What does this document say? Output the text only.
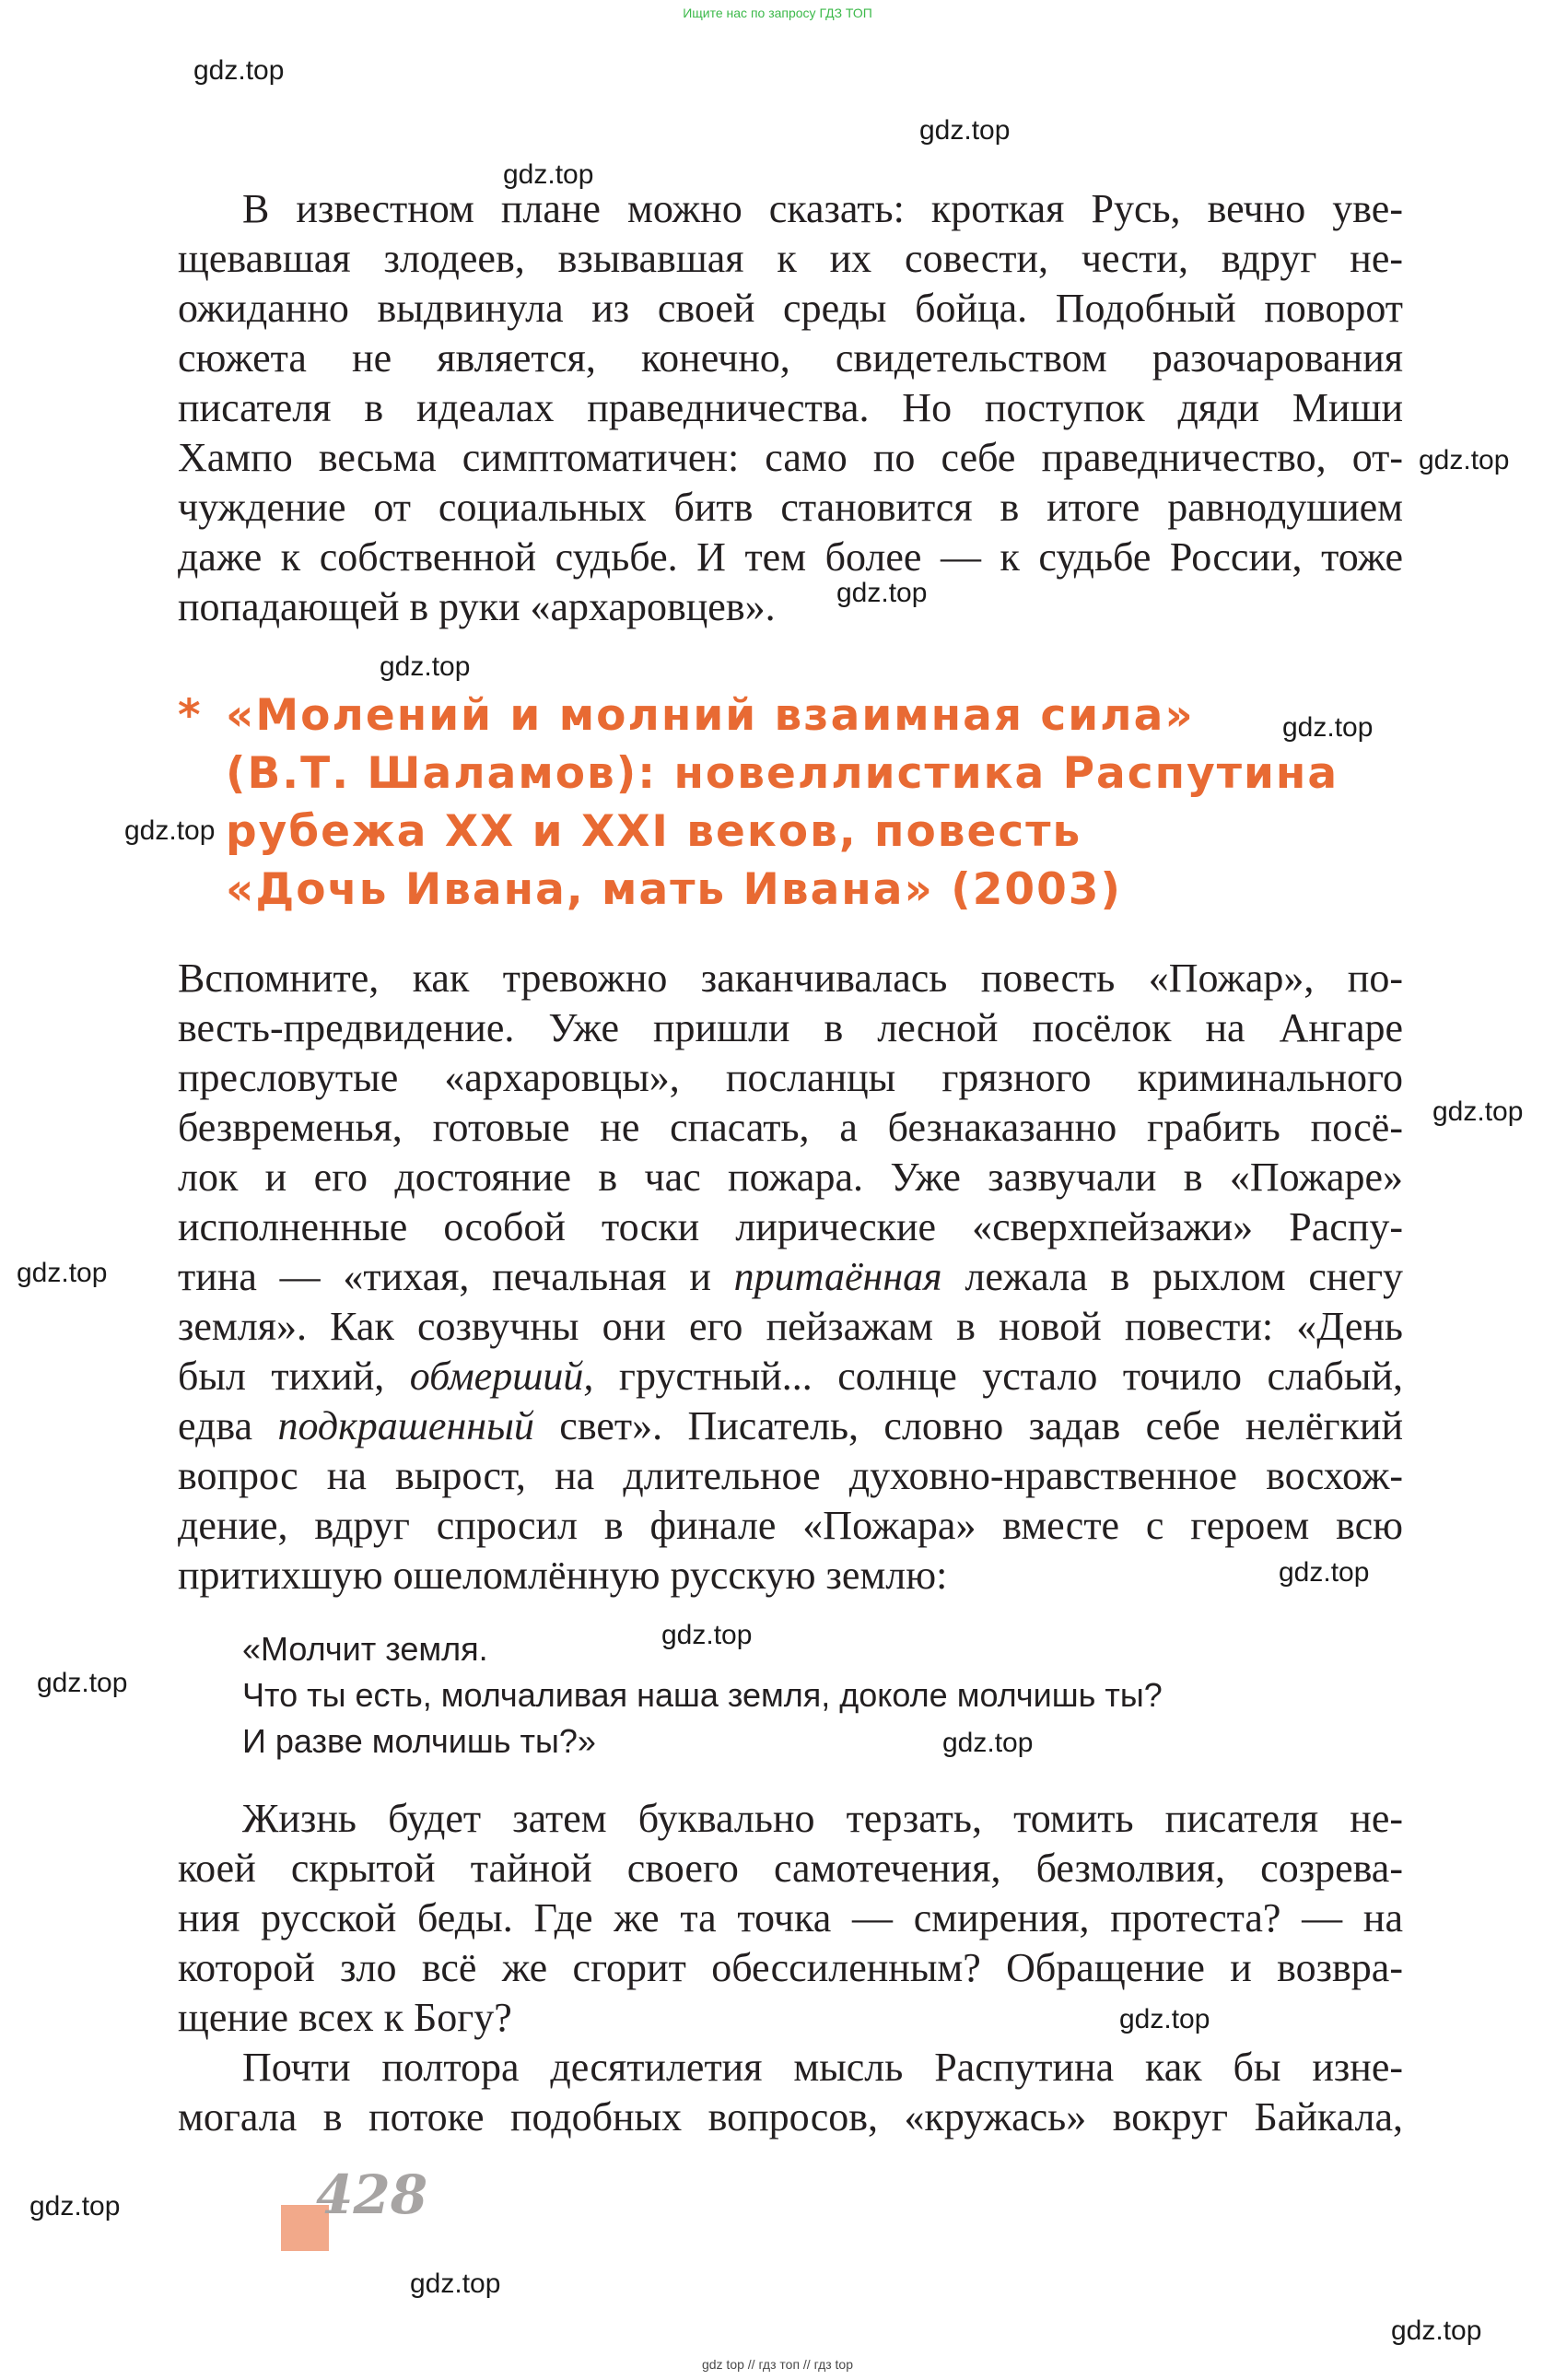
Ищите нас по запросу ГДЗ ТОП
gdz.top
gdz.top
gdz.top
gdz.top
gdz.top
gdz.top
gdz.top
gdz.top
gdz.top
gdz.top
gdz.top
gdz.top
gdz.top
gdz.top
gdz.top
gdz.top
gdz.top
gdz.top
В известном плане можно сказать: кроткая Русь, вечно уве-
щевавшая злодеев, взывавшая к их совести, чести, вдруг не-
ожиданно выдвинула из своей среды бойца. Подобный поворот
сюжета не является, конечно, свидетельством разочарования
писателя в идеалах праведничества. Но поступок дяди Миши
Хампо весьма симптоматичен: само по себе праведничество, от-
чуждение от социальных битв становится в итоге равнодушием
даже к собственной судьбе. И тем более — к судьбе России, тоже
попадающей в руки «архаровцев».
* «Молений и молний взаимная сила»
(В.Т. Шаламов): новеллистика Распутина
рубежа XX и XXI веков, повесть
«Дочь Ивана, мать Ивана» (2003)
Вспомните, как тревожно заканчивалась повесть «Пожар», по-
весть-предвидение. Уже пришли в лесной посёлок на Ангаре
пресловутые «архаровцы», посланцы грязного криминального
безвременья, готовые не спасать, а безнаказанно грабить посё-
лок и его достояние в час пожара. Уже зазвучали в «Пожаре»
исполненные особой тоски лирические «сверхпейзажи» Распу-
тина — «тихая, печальная и притаённая лежала в рыхлом снегу
земля». Как созвучны они его пейзажам в новой повести: «День
был тихий, обмерший, грустный... солнце устало точило слабый,
едва подкрашенный свет». Писатель, словно задав себе нелёгкий
вопрос на вырост, на длительное духовно-нравственное восхож-
дение, вдруг спросил в финале «Пожара» вместе с героем всю
притихшую ошеломлённую русскую землю:
«Молчит земля.
Что ты есть, молчаливая наша земля, доколе молчишь ты?
И разве молчишь ты?»
Жизнь будет затем буквально терзать, томить писателя не-
коей скрытой тайной своего самотечения, безмолвия, созрева-
ния русской беды. Где же та точка — смирения, протеста? — на
которой зло всё же сгорит обессиленным? Обращение и возвра-
щение всех к Богу?
Почти полтора десятилетия мысль Распутина как бы изне-
могала в потоке подобных вопросов, «кружась» вокруг Байкала,
428
gdz top // гдз топ // гдз top
